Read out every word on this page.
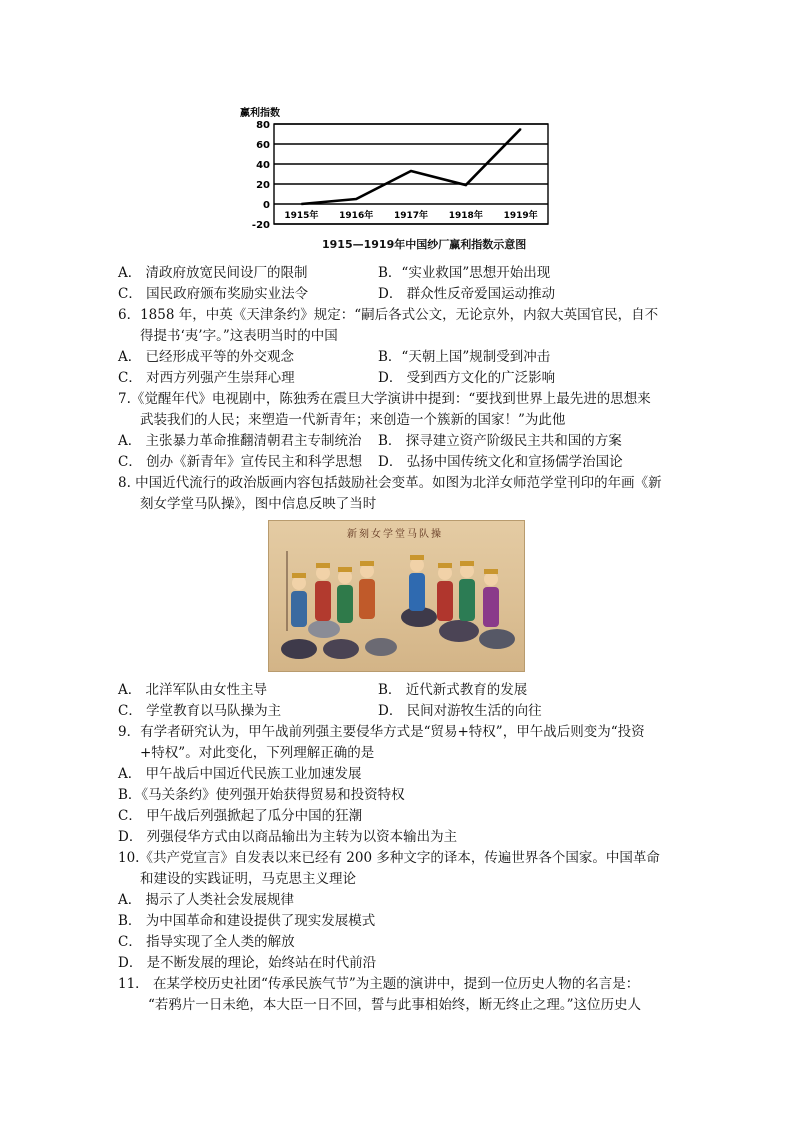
赢利指数
-20
0
20
40
60
80
1915年 1916年 1917年 1918年 1919年
1915—1919年中国纱厂赢利指数示意图
A． 清政府放宽民间设厂的限制	B．“实业救国”思想开始出现
C． 国民政府颁布奖励实业法令	D． 群众性反帝爱国运动推动
6．1858 年，中英《天津条约》规定：“嗣后各式公文，无论京外，内叙大英国官民，自不
得提书‘夷’字。”这表明当时的中国
A． 已经形成平等的外交观念	B．“天朝上国”规制受到冲击
C． 对西方列强产生崇拜心理	D． 受到西方文化的广泛影响
7.《觉醒年代》电视剧中，陈独秀在震旦大学演讲中提到：“要找到世界上最先进的思想来
武装我们的人民；来塑造一代新青年；来创造一个簇新的国家！”为此他
A． 主张暴力革命推翻清朝君主专制统治 B． 探寻建立资产阶级民主共和国的方案
C． 创办《新青年》宣传民主和科学思想 D． 弘扬中国传统文化和宣扬儒学治国论
8. 中国近代流行的政治版画内容包括鼓励社会变革。如图为北洋女师范学堂刊印的年画《新
刻女学堂马队操》，图中信息反映了当时
新刻女学堂马队操
A． 北洋军队由女性主导	B． 近代新式教育的发展
C． 学堂教育以马队操为主	D． 民间对游牧生活的向往
9．有学者研究认为，甲午战前列强主要侵华方式是“贸易+特权”，甲午战后则变为“投资
+特权”。对此变化，下列理解正确的是
A． 甲午战后中国近代民族工业加速发展
B．《马关条约》使列强开始获得贸易和投资特权
C． 甲午战后列强掀起了瓜分中国的狂潮
D． 列强侵华方式由以商品输出为主转为以资本输出为主
10.《共产党宣言》自发表以来已经有 200 多种文字的译本，传遍世界各个国家。中国革命
和建设的实践证明，马克思主义理论
A． 揭示了人类社会发展规律
B． 为中国革命和建设提供了现实发展模式
C． 指导实现了全人类的解放
D． 是不断发展的理论，始终站在时代前沿
11． 在某学校历史社团“传承民族气节”为主题的演讲中，提到一位历史人物的名言是：
“若鸦片一日未绝，本大臣一日不回，誓与此事相始终，断无终止之理。”这位历史人
